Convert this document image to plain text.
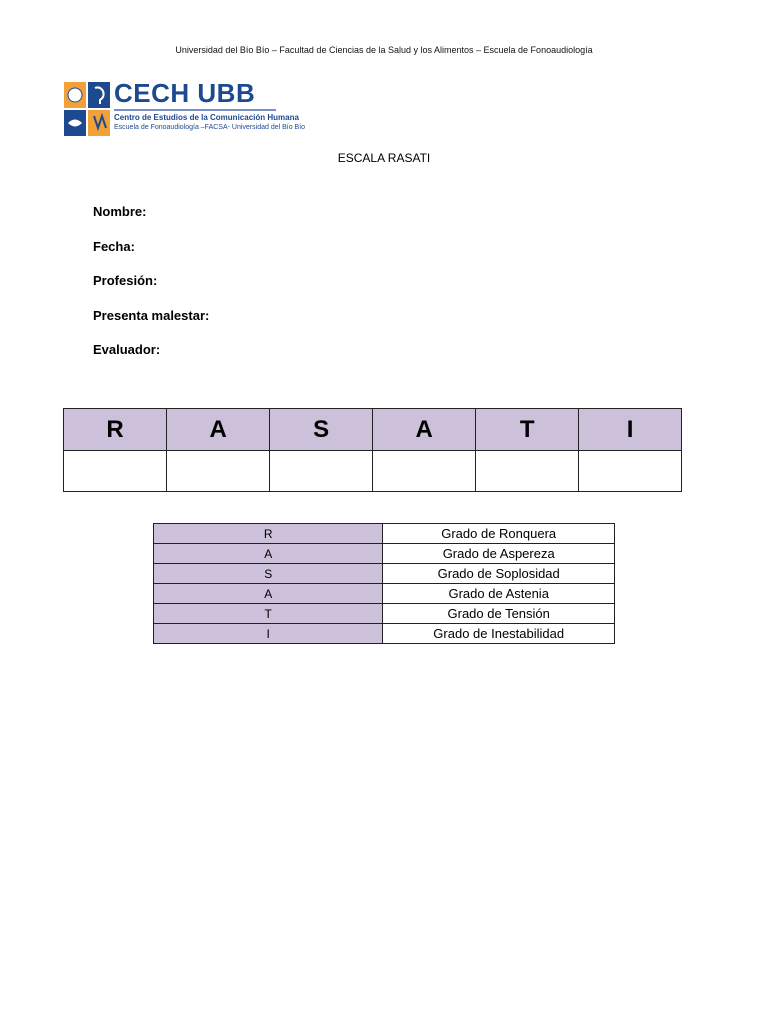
Universidad del Bío Bío – Facultad de Ciencias de la Salud y los Alimentos – Escuela de Fonoaudiología
CECH UBB
Centro de Estudios de la Comunicación Humana
Escuela de Fonoaudiología –FACSA- Universidad del Bío Bío
ESCALA RASATI
Nombre:
Fecha:
Profesión:
Presenta malestar:
Evaluador:
R	A	S	A	T	I

R	Grado de Ronquera
A	Grado de Aspereza
S	Grado de Soplosidad
A	Grado de Astenia
T	Grado de Tensión
I	Grado de Inestabilidad
